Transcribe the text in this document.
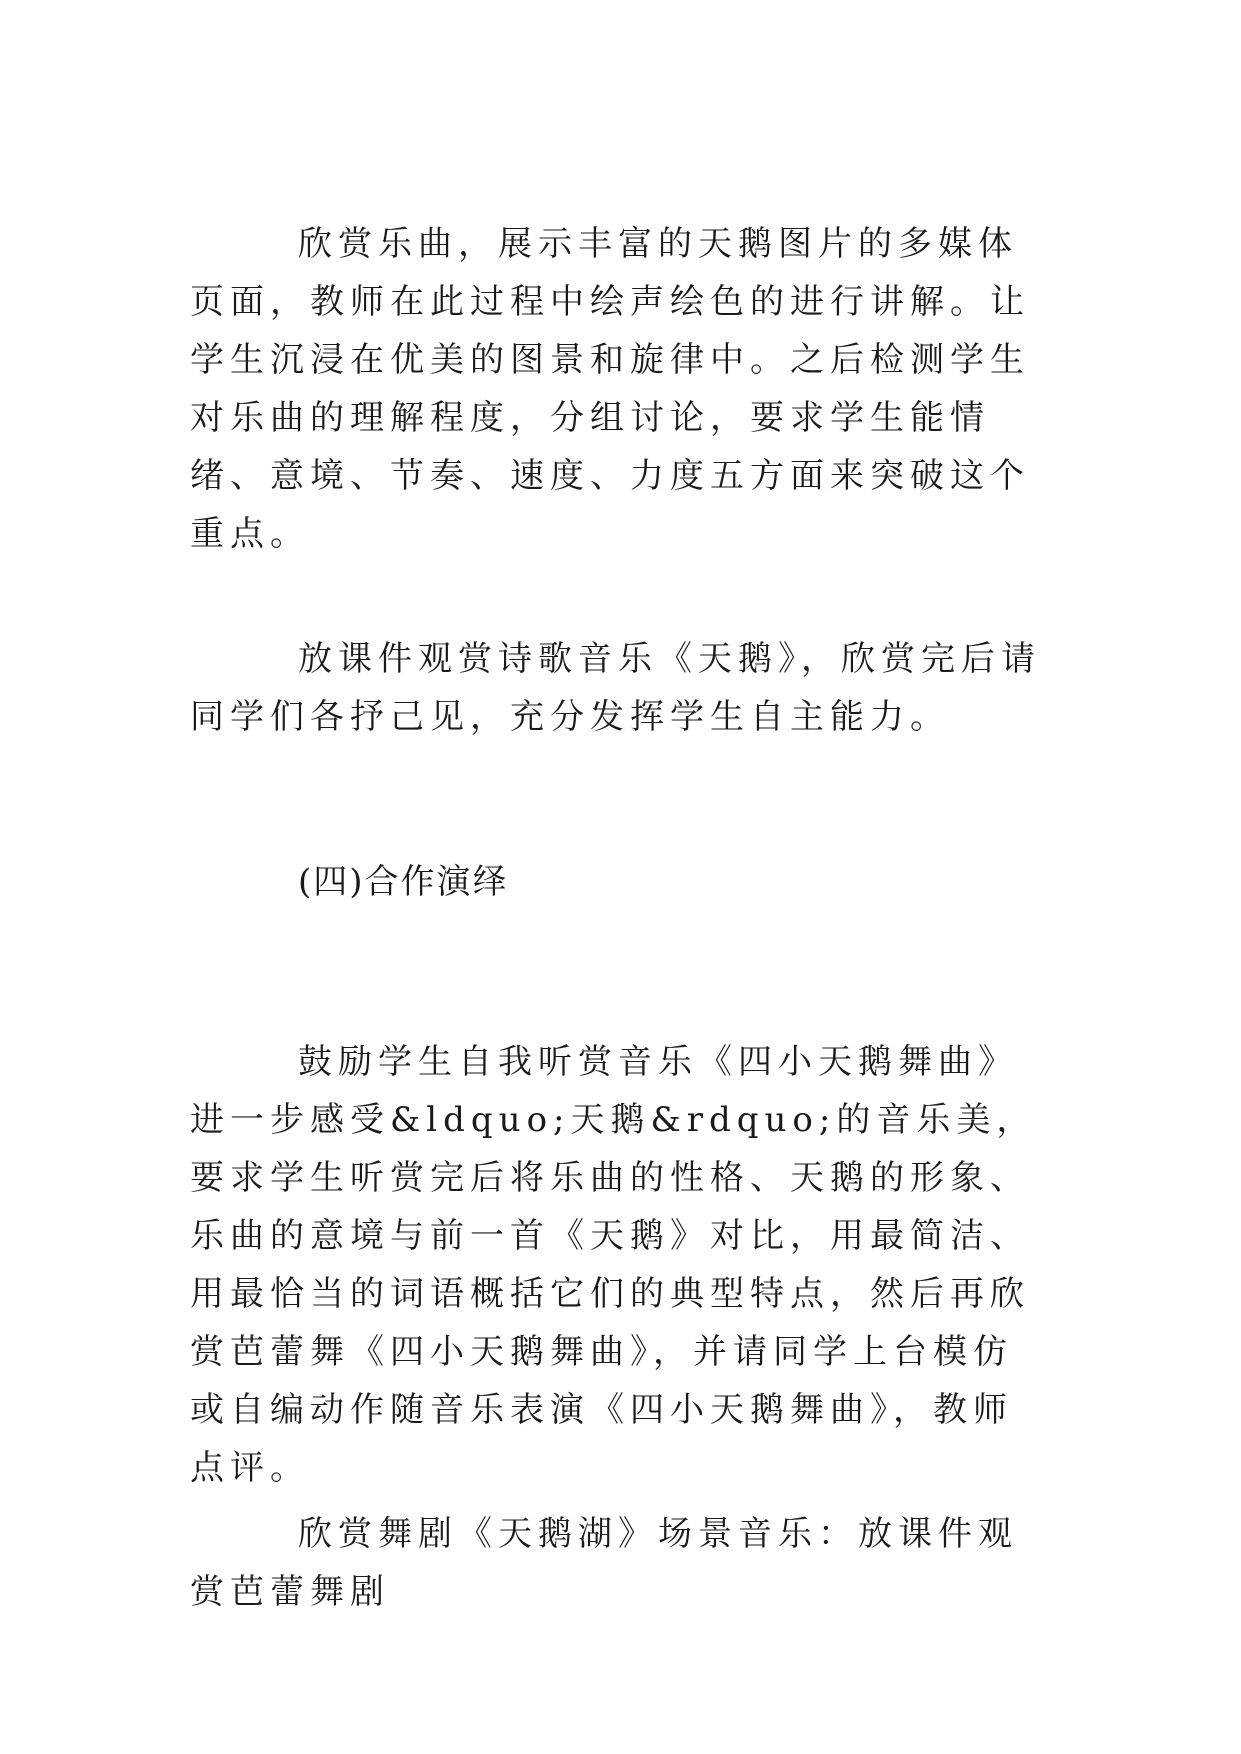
欣赏乐曲，展示丰富的天鹅图片的多媒体页面，教师在此过程中绘声绘色的进行讲解。让学生沉浸在优美的图景和旋律中。之后检测学生对乐曲的理解程度，分组讨论，要求学生能情绪、意境、节奏、速度、力度五方面来突破这个重点。

放课件观赏诗歌音乐《天鹅》，欣赏完后请同学们各抒己见，充分发挥学生自主能力。

(四)合作演绎

鼓励学生自我听赏音乐《四小天鹅舞曲》进一步感受&ldquo;天鹅&rdquo;的音乐美，要求学生听赏完后将乐曲的性格、天鹅的形象、乐曲的意境与前一首《天鹅》对比，用最简洁、用最恰当的词语概括它们的典型特点，然后再欣赏芭蕾舞《四小天鹅舞曲》，并请同学上台模仿或自编动作随音乐表演《四小天鹅舞曲》，教师点评。

欣赏舞剧《天鹅湖》场景音乐：放课件观赏芭蕾舞剧
